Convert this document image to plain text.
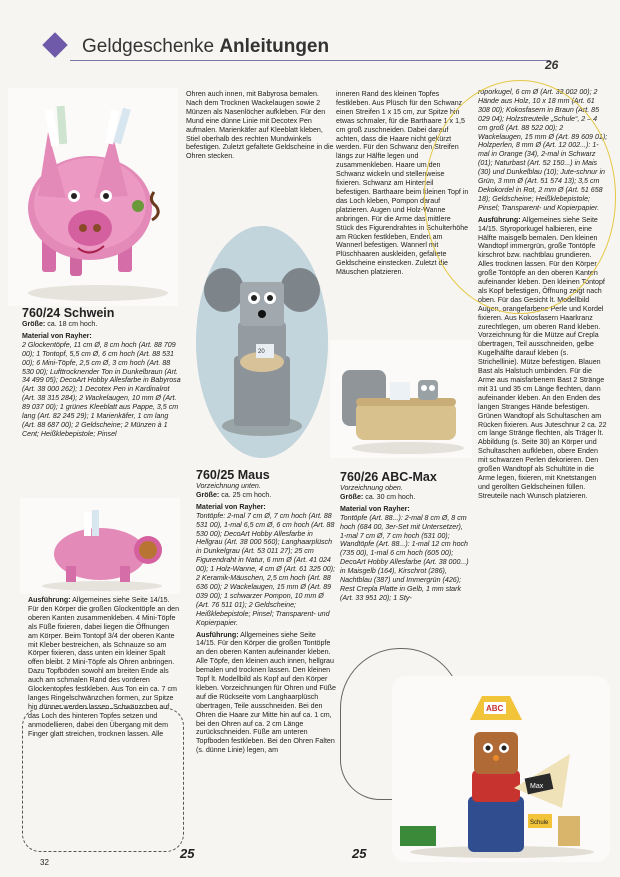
Geldgeschenke Anleitungen
26
760/24 Schwein

Größe: ca. 18 cm hoch.

Material von Rayher:

2 Glockentöpfe, 11 cm Ø, 8 cm hoch (Art. 88 709 00); 1 Tontopf, 5,5 cm Ø, 6 cm hoch (Art. 88 531 00); 6 Mini-Töpfe, 2,5 cm Ø, 3 cm hoch (Art. 88 530 00); Lufttrocknender Ton in Dunkelbraun (Art. 34 499 05); DecoArt Hobby Allesfarbe in Babyrosa (Art. 38 000 262); 1 Decotex Pen in Kardinalrot (Art. 38 315 284); 2 Wackelaugen, 10 mm Ø (Art. 89 037 00); 1 grünes Kleeblatt aus Pappe, 3,5 cm lang (Art. 82 245 29); 1 Marienkäfer, 1 cm lang (Art. 88 687 00); 2 Geldscheine; 2 Münzen à 1 Cent; Heißklebepistole; Pinsel

Ausführung: Allgemeines siehe Seite 14/15. Für den Körper die großen Glockentöpfe an den oberen Kanten zusammenkleben. 4 Mini-Töpfe als Füße fixieren, dabei liegen die Öffnungen am Körper. Beim Tontopf 3/4 der oberen Kante mit Kleber bestreichen, als Schnauze so am Körper fixieren, dass unten ein kleiner Spalt offen bleibt. 2 Mini-Töpfe als Ohren anbringen. Dazu Topfböden sowohl am breiten Ende als auch am schmalen Rand des vorderen Glockentopfes festkleben. Aus Ton ein ca. 7 cm langes Ringelschwänzchen formen, zur Spitze hin dünner werden lassen. Schwänzchen auf das Loch des hinteren Topfes setzen und anmodellieren, dabei den Übergang mit dem Finger glatt streichen, trocknen lassen. Alle

32
25

Ohren auch innen, mit Babyrosa bemalen. Nach dem Trocknen Wackelaugen sowie 2 Münzen als Nasenlöcher aufkleben. Für den Mund eine dünne Linie mit Decotex Pen aufmalen. Marienkäfer auf Kleeblatt kleben, Stiel oberhalb des rechten Mundwinkels befestigen. Zuletzt gefaltete Geldscheine in die Ohren stecken.

20
760/25 Maus

Vorzeichnung unten.

Größe: ca. 25 cm hoch.

Material von Rayher:

Tontöpfe: 2-mal 7 cm Ø, 7 cm hoch (Art. 88 531 00), 1-mal 6,5 cm Ø, 6 cm hoch (Art. 88 530 00); DecoArt Hobby Allesfarbe in Hellgrau (Art. 38 000 560); Langhaarplüsch in Dunkelgrau (Art. 53 011 27); 25 cm Figurendraht in Natur, 6 mm Ø (Art. 41 024 00); 1 Holz-Wanne, 4 cm Ø (Art. 61 325 00); 2 Keramik-Mäuschen, 2,5 cm hoch (Art. 88 636 00); 2 Wackelaugen, 15 mm Ø (Art. 89 039 00); 1 schwarzer Pompon, 10 mm Ø (Art. 76 511 01); 2 Geldscheine; Heißklebepistole; Pinsel; Transparent- und Kopierpapier.

Ausführung: Allgemeines siehe Seite 14/15. Für den Körper die großen Tontöpfe an den oberen Kanten aufeinander kleben. Alle Töpfe, den kleinen auch innen, hellgrau bemalen und trocknen lassen. Den kleinen Topf lt. Modellbild als Kopf auf den Körper kleben. Vorzeichnungen für Ohren und Füße auf die Rückseite vom Langhaarplüsch übertragen, Teile ausschneiden. Bei den Ohren die Haare zur Mitte hin auf ca. 1 cm, bei den Ohren auf ca. 2 cm Länge zurückschneiden. Füße am unteren Topfboden festkleben. Bei den Ohren Falten (s. dünne Linie) legen, am

inneren Rand des kleinen Topfes festkleben. Aus Plüsch für den Schwanz einen Streifen 1 x 15 cm, zur Spitze hin etwas schmaler, für die Barthaare 1 x 1,5 cm groß zuschneiden. Dabei darauf achten, dass die Haare nicht gekürzt werden. Für den Schwanz den Streifen längs zur Hälfte legen und zusammenkleben. Haare um den Schwanz wickeln und stellenweise fixieren. Schwanz am Hinterteil befestigen. Barthaare beim kleinen Topf in das Loch kleben, Pompon darauf platzieren. Augen und Holz-Wanne anbringen. Für die Arme das mittlere Stück des Figurendrahtes in Schulterhöhe am Rücken festkleben, Enden am Wannerl befestigen. Wannerl mit Plüschhaaren auskleiden, gefaltete Geldscheine einstecken. Zuletzt die Mäuschen platzieren.

760/26 ABC-Max

Vorzeichnung oben.

Größe: ca. 30 cm hoch.

Material von Rayher:

Tontöpfe (Art. 88...): 2-mal 8 cm Ø, 8 cm hoch (684 00, 3er-Set mit Untersetzer), 1-mal 7 cm Ø, 7 cm hoch (531 00); Wandtöpfe (Art. 88...): 1-mal 12 cm hoch (735 00), 1-mal 6 cm hoch (605 00); DecoArt Hobby Allesfarbe (Art. 38 000...) in Maisgelb (164), Kirschrot (286), Nachtblau (387) und Immergrün (426); Rest Crepla Platte in Gelb, 1 mm stark (Art. 33 951 20); 1 Sty-

25

roporkugel, 6 cm Ø (Art. 33 002 00); 2 Hände aus Holz, 10 x 18 mm (Art. 61 308 00); Kokosfasern in Braun (Art. 85 029 04); Holzstreuteile „Schule“, 2 – 4 cm groß (Art. 88 522 00); 2 Wackelaugen, 15 mm Ø (Art. 89 609 01); Holzperlen, 8 mm Ø (Art. 12 002...): 1-mal in Orange (34), 2-mal in Schwarz (01); Naturbast (Art. 52 150...) in Mais (30) und Dunkelblau (10); Jute-schnur in Grün, 3 mm Ø (Art. 51 574 13); 3,5 cm Dekokordel in Rot, 2 mm Ø (Art. 51 658 18); Geldscheine; Heißklebepistole; Pinsel; Transparent- und Kopierpapier.

Ausführung: Allgemeines siehe Seite 14/15. Styroporkugel halbieren, eine Hälfte maisgelb bemalen. Den kleinen Wandtopf immergrün, große Tontöpfe kirschrot bzw. nachtblau grundieren. Alles trocknen lassen. Für den Körper große Tontöpfe an den oberen Kanten aufeinander kleben. Den kleinen Tontopf als Kopf befestigen, Öffnung zeigt nach oben. Für das Gesicht lt. Modellbild Augen, orangefarbene Perle und Kordel fixieren. Aus Kokosfasern Haarkranz zurechtlegen, um oberen Rand kleben. Vorzeichnung für die Mütze auf Crepla übertragen, Teil ausschneiden, gelbe Kugelhälfte darauf kleben (s. Strichellinie). Mütze befestigen. Blauen Bast als Halstuch umbinden. Für die Arme aus maisfarbenem Bast 2 Stränge mit 31 und 35 cm Länge flechten, dann aufeinander kleben. An den Enden des langen Stranges Hände befestigen. Grünen Wandtopf als Schultaschen am Rücken fixieren. Aus Juteschnur 2 ca. 22 cm lange Stränge flechten, als Träger lt. Abbildung (s. Seite 30) an Körper und Schultaschen aufkleben, obere Enden mit schwarzen Perlen dekorieren. Den großen Wandtopf als Schultüte in die Arme legen, fixieren, mit Knetstangen und gerollten Geldscheinen füllen. Streuteile nach Wunsch platzieren.

ABC
Max
Schule
